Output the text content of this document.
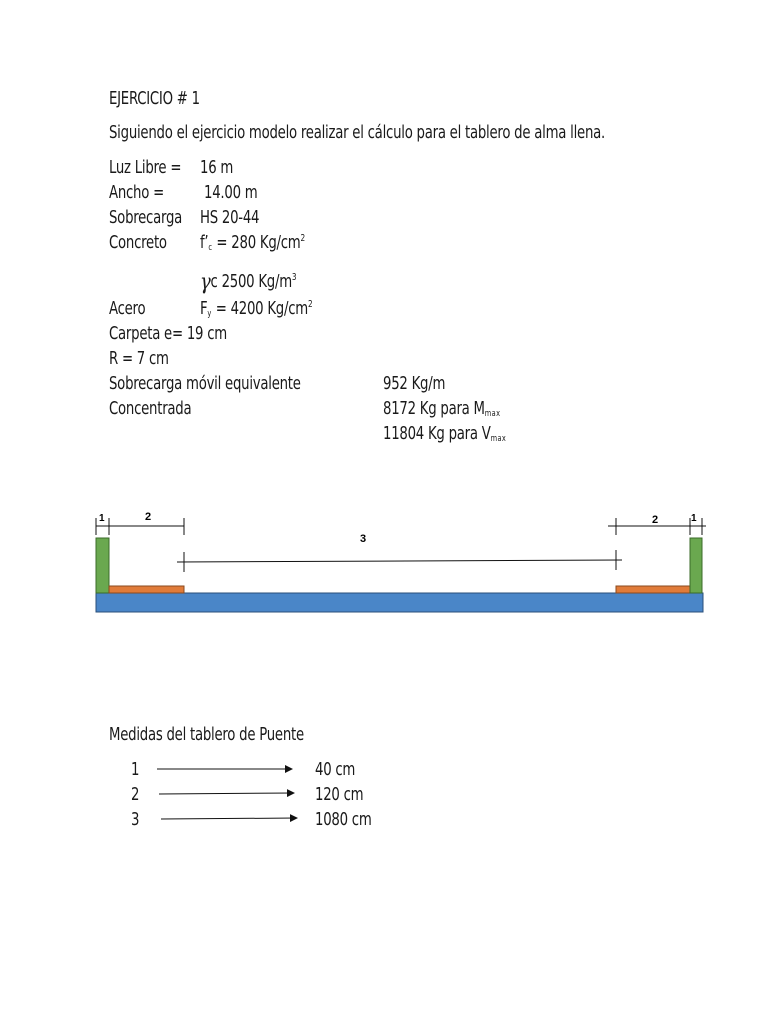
EJERCICIO # 1
Siguiendo el ejercicio modelo realizar el cálculo para el tablero de alma llena.
Luz Libre = 16 m
Ancho = 14.00 m
Sobrecarga HS 20-44
Concreto $f’_c = 280$ $Kg/cm^2$
γc 2500 $Kg/m^3$
Acero	$F_y = 4200$ $Kg/cm^2$
Carpeta e= 19 cm
R = 7 cm
Sobrecarga móvil equivalente	952 Kg/m
Concentrada	8172 Kg para $M_{max}$
11804 Kg para $V_{max}$
1	2
3
2	1
Medidas del tablero de Puente
1	40 cm
2	120 cm
3	1080 cm
